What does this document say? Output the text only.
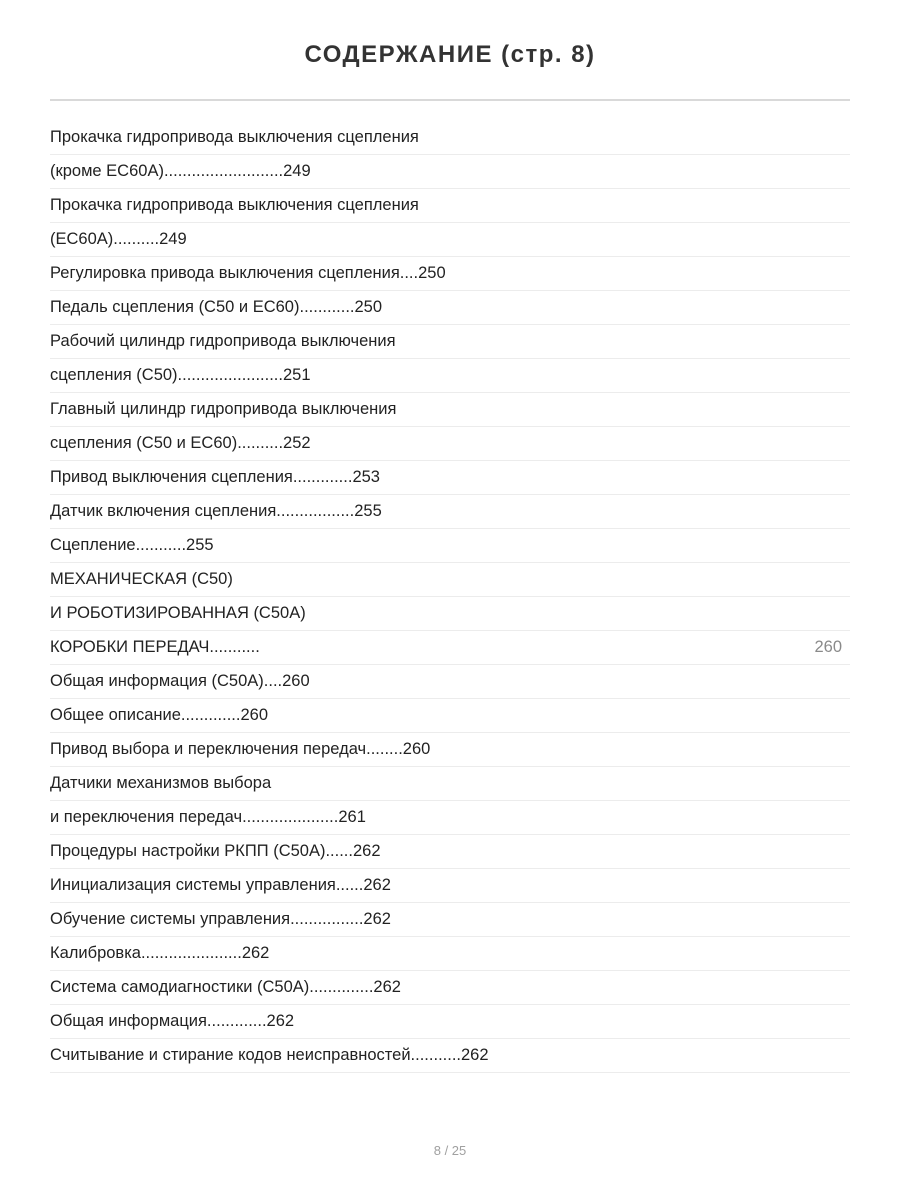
СОДЕРЖАНИЕ (стр. 8)
Прокачка гидропривода выключения сцепления
(кроме ЕС60А)..........................249
Прокачка гидропривода выключения сцепления
(ЕС60А)..........249
Регулировка привода выключения сцепления....250
Педаль сцепления (С50 и ЕС60)............250
Рабочий цилиндр гидропривода выключения
сцепления (С50).......................251
Главный цилиндр гидропривода выключения
сцепления (С50 и ЕС60)..........252
Привод выключения сцепления.............253
Датчик включения сцепления.................255
Сцепление...........255
МЕХАНИЧЕСКАЯ (С50)
И РОБОТИЗИРОВАННАЯ (С50А)
КОРОБКИ ПЕРЕДАЧ...........	260
Общая информация (С50А)....260
Общее описание.............260
Привод выбора и переключения передач........260
Датчики механизмов выбора
и переключения передач.....................261
Процедуры настройки РКПП (С50А)......262
Инициализация системы управления......262
Обучение системы управления................262
Калибровка......................262
Система самодиагностики (С50А)..............262
Общая информация.............262
Считывание и стирание кодов неисправностей...........262
8 / 25
